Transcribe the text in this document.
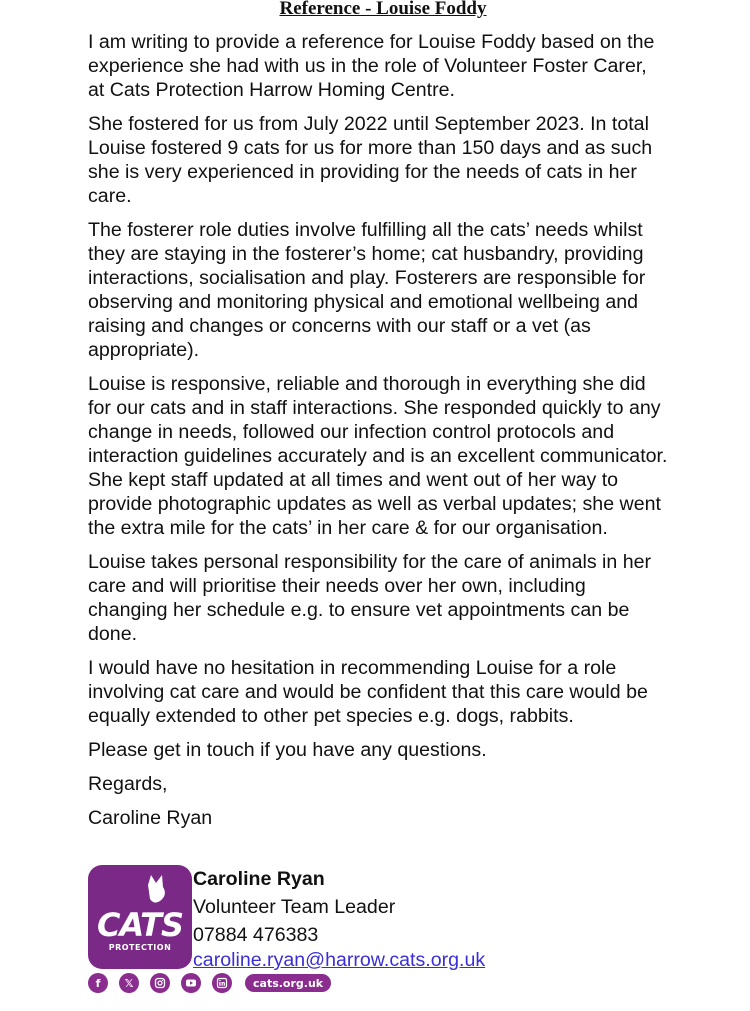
Reference - Louise Foddy

I am writing to provide a reference for Louise Foddy based on the experience she had with us in the role of Volunteer Foster Carer, at Cats Protection Harrow Homing Centre.

She fostered for us from July 2022 until September 2023. In total Louise fostered 9 cats for us for more than 150 days and as such she is very experienced in providing for the needs of cats in her care.

The fosterer role duties involve fulfilling all the cats’ needs whilst they are staying in the fosterer’s home; cat husbandry, providing interactions, socialisation and play. Fosterers are responsible for observing and monitoring physical and emotional wellbeing and raising and changes or concerns with our staff or a vet (as appropriate).

Louise is responsive, reliable and thorough in everything she did for our cats and in staff interactions. She responded quickly to any change in needs, followed our infection control protocols and interaction guidelines accurately and is an excellent communicator. She kept staff updated at all times and went out of her way to provide photographic updates as well as verbal updates; she went the extra mile for the cats’ in her care & for our organisation.

Louise takes personal responsibility for the care of animals in her care and will prioritise their needs over her own, including changing her schedule e.g. to ensure vet appointments can be done.

I would have no hesitation in recommending Louise for a role involving cat care and would be confident that this care would be equally extended to other pet species e.g. dogs, rabbits.

Please get in touch if you have any questions.

Regards,

Caroline Ryan

CATS
PROTECTION
Caroline Ryan
Volunteer Team Leader
07884 476383
caroline.ryan@harrow.cats.org.uk
f	𝕏	cats.org.uk
